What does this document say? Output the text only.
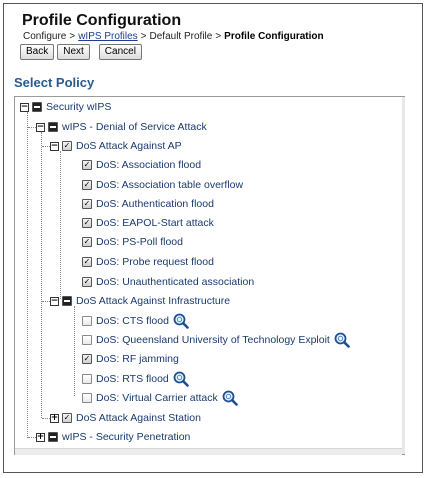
Profile Configuration
Configure > wIPS Profiles > Default Profile > Profile Configuration
Back	Next	Cancel
Select Policy
− Security wIPS
− wIPS - Denial of Service Attack
− ✓ DoS Attack Against AP
✓
DoS: Association flood
✓
DoS: Association table overflow
✓
DoS: Authentication flood
✓
DoS: EAPOL-Start attack
✓
DoS: PS-Poll flood
✓
DoS: Probe request flood
✓
DoS: Unauthenticated association
− DoS Attack Against Infrastructure
DoS: CTS flood
DoS: Queensland University of Technology Exploit
✓
DoS: RF jamming
DoS: RTS flood
DoS: Virtual Carrier attack
+ ✓ DoS Attack Against Station
+ wIPS - Security Penetration
